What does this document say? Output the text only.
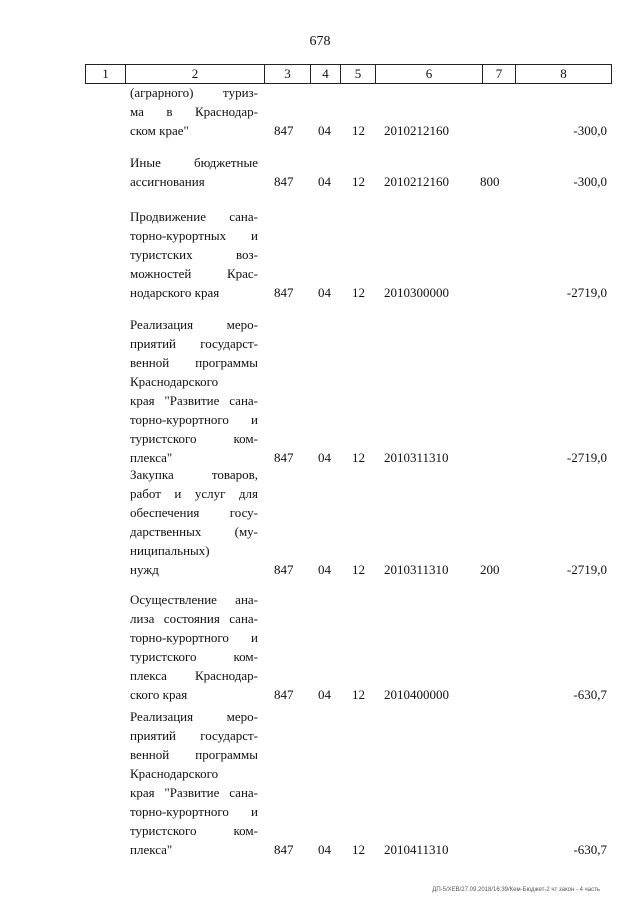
678
1	2	3	4	5	6	7	8
(аграрного) туриз-
ма в Краснодар-
ском крае"	847 04 12 2010212160	-300,0
Иные бюджетные
ассигнования	847 04 12 2010212160 800	-300,0
Продвижение сана-
торно-курортных и
туристских воз-
можностей Крас-
нодарского края	847 04 12 2010300000	-2719,0
Реализация меро-
приятий государст-
венной программы
Краснодарского
края "Развитие сана-
торно-курортного и
туристского ком-
плекса"	847 04 12 2010311310	-2719,0
Закупка товаров,
работ и услуг для
обеспечения госу-
дарственных (му-
ниципальных)
нужд	847 04 12 2010311310 200	-2719,0
Осуществление ана-
лиза состояния сана-
торно-курортного и
туристского ком-
плекса Краснодар-
ского края	847 04 12 2010400000	-630,7
Реализация меро-
приятий государст-
венной программы
Краснодарского
края "Развитие сана-
торно-курортного и
туристского ком-
плекса"	847 04 12 2010411310	-630,7
ДП-5/ХЕВ/27.09.2018/16:39/Кем-Бюджет-2 чт закон - 4 часть
